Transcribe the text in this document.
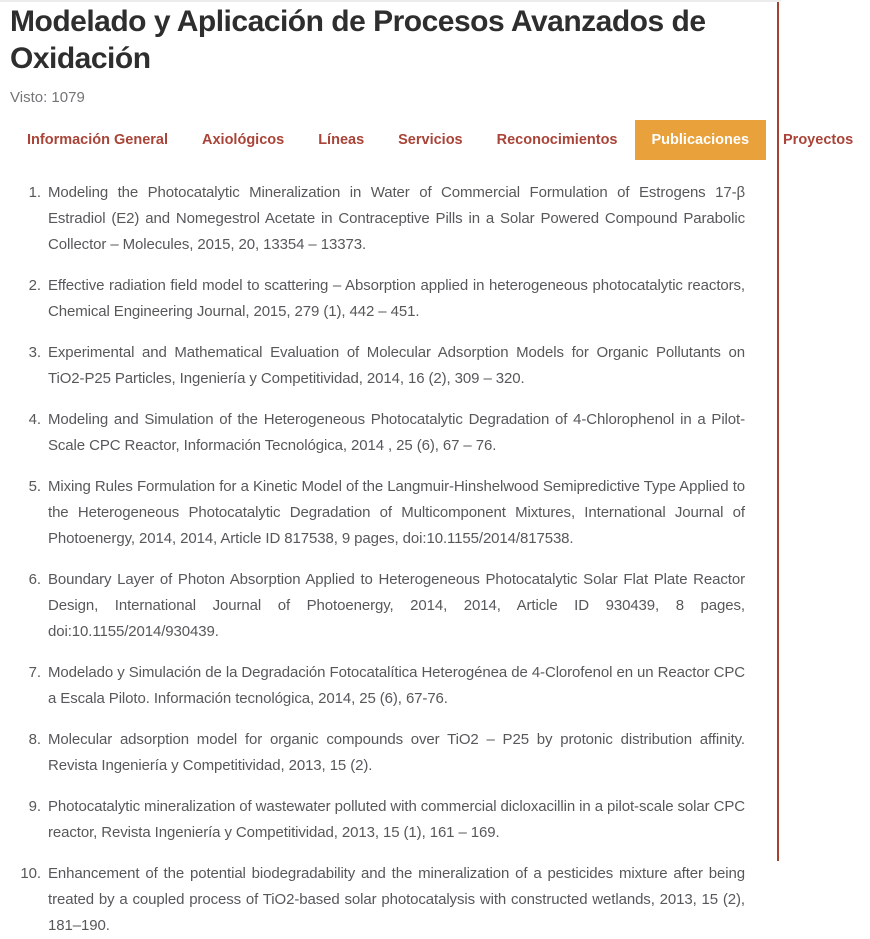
Modelado y Aplicación de Procesos Avanzados de Oxidación
Visto: 1079
Información General	Axiológicos	Líneas	Servicios	Reconocimientos	Publicaciones	Proyectos
1. Modeling the Photocatalytic Mineralization in Water of Commercial Formulation of Estrogens 17-β Estradiol (E2) and Nomegestrol Acetate in Contraceptive Pills in a Solar Powered Compound Parabolic Collector – Molecules, 2015, 20, 13354 – 13373.
2. Effective radiation field model to scattering – Absorption applied in heterogeneous photocatalytic reactors, Chemical Engineering Journal, 2015, 279 (1), 442 – 451.
3. Experimental and Mathematical Evaluation of Molecular Adsorption Models for Organic Pollutants on TiO2-P25 Particles, Ingeniería y Competitividad, 2014, 16 (2), 309 – 320.
4. Modeling and Simulation of the Heterogeneous Photocatalytic Degradation of 4-Chlorophenol in a Pilot-Scale CPC Reactor, Información Tecnológica, 2014 , 25 (6), 67 – 76.
5. Mixing Rules Formulation for a Kinetic Model of the Langmuir-Hinshelwood Semipredictive Type Applied to the Heterogeneous Photocatalytic Degradation of Multicomponent Mixtures, International Journal of Photoenergy, 2014, 2014, Article ID 817538, 9 pages, doi:10.1155/2014/817538.
6. Boundary Layer of Photon Absorption Applied to Heterogeneous Photocatalytic Solar Flat Plate Reactor Design, International Journal of Photoenergy, 2014, 2014, Article ID 930439, 8 pages, doi:10.1155/2014/930439.
7. Modelado y Simulación de la Degradación Fotocatalítica Heterogénea de 4-Clorofenol en un Reactor CPC a Escala Piloto. Información tecnológica, 2014, 25 (6), 67-76.
8. Molecular adsorption model for organic compounds over TiO2 – P25 by protonic distribution affinity. Revista Ingeniería y Competitividad, 2013, 15 (2).
9. Photocatalytic mineralization of wastewater polluted with commercial dicloxacillin in a pilot-scale solar CPC reactor, Revista Ingeniería y Competitividad, 2013, 15 (1), 161 – 169.
10. Enhancement of the potential biodegradability and the mineralization of a pesticides mixture after being treated by a coupled process of TiO2-based solar photocatalysis with constructed wetlands, 2013, 15 (2), 181–190.
